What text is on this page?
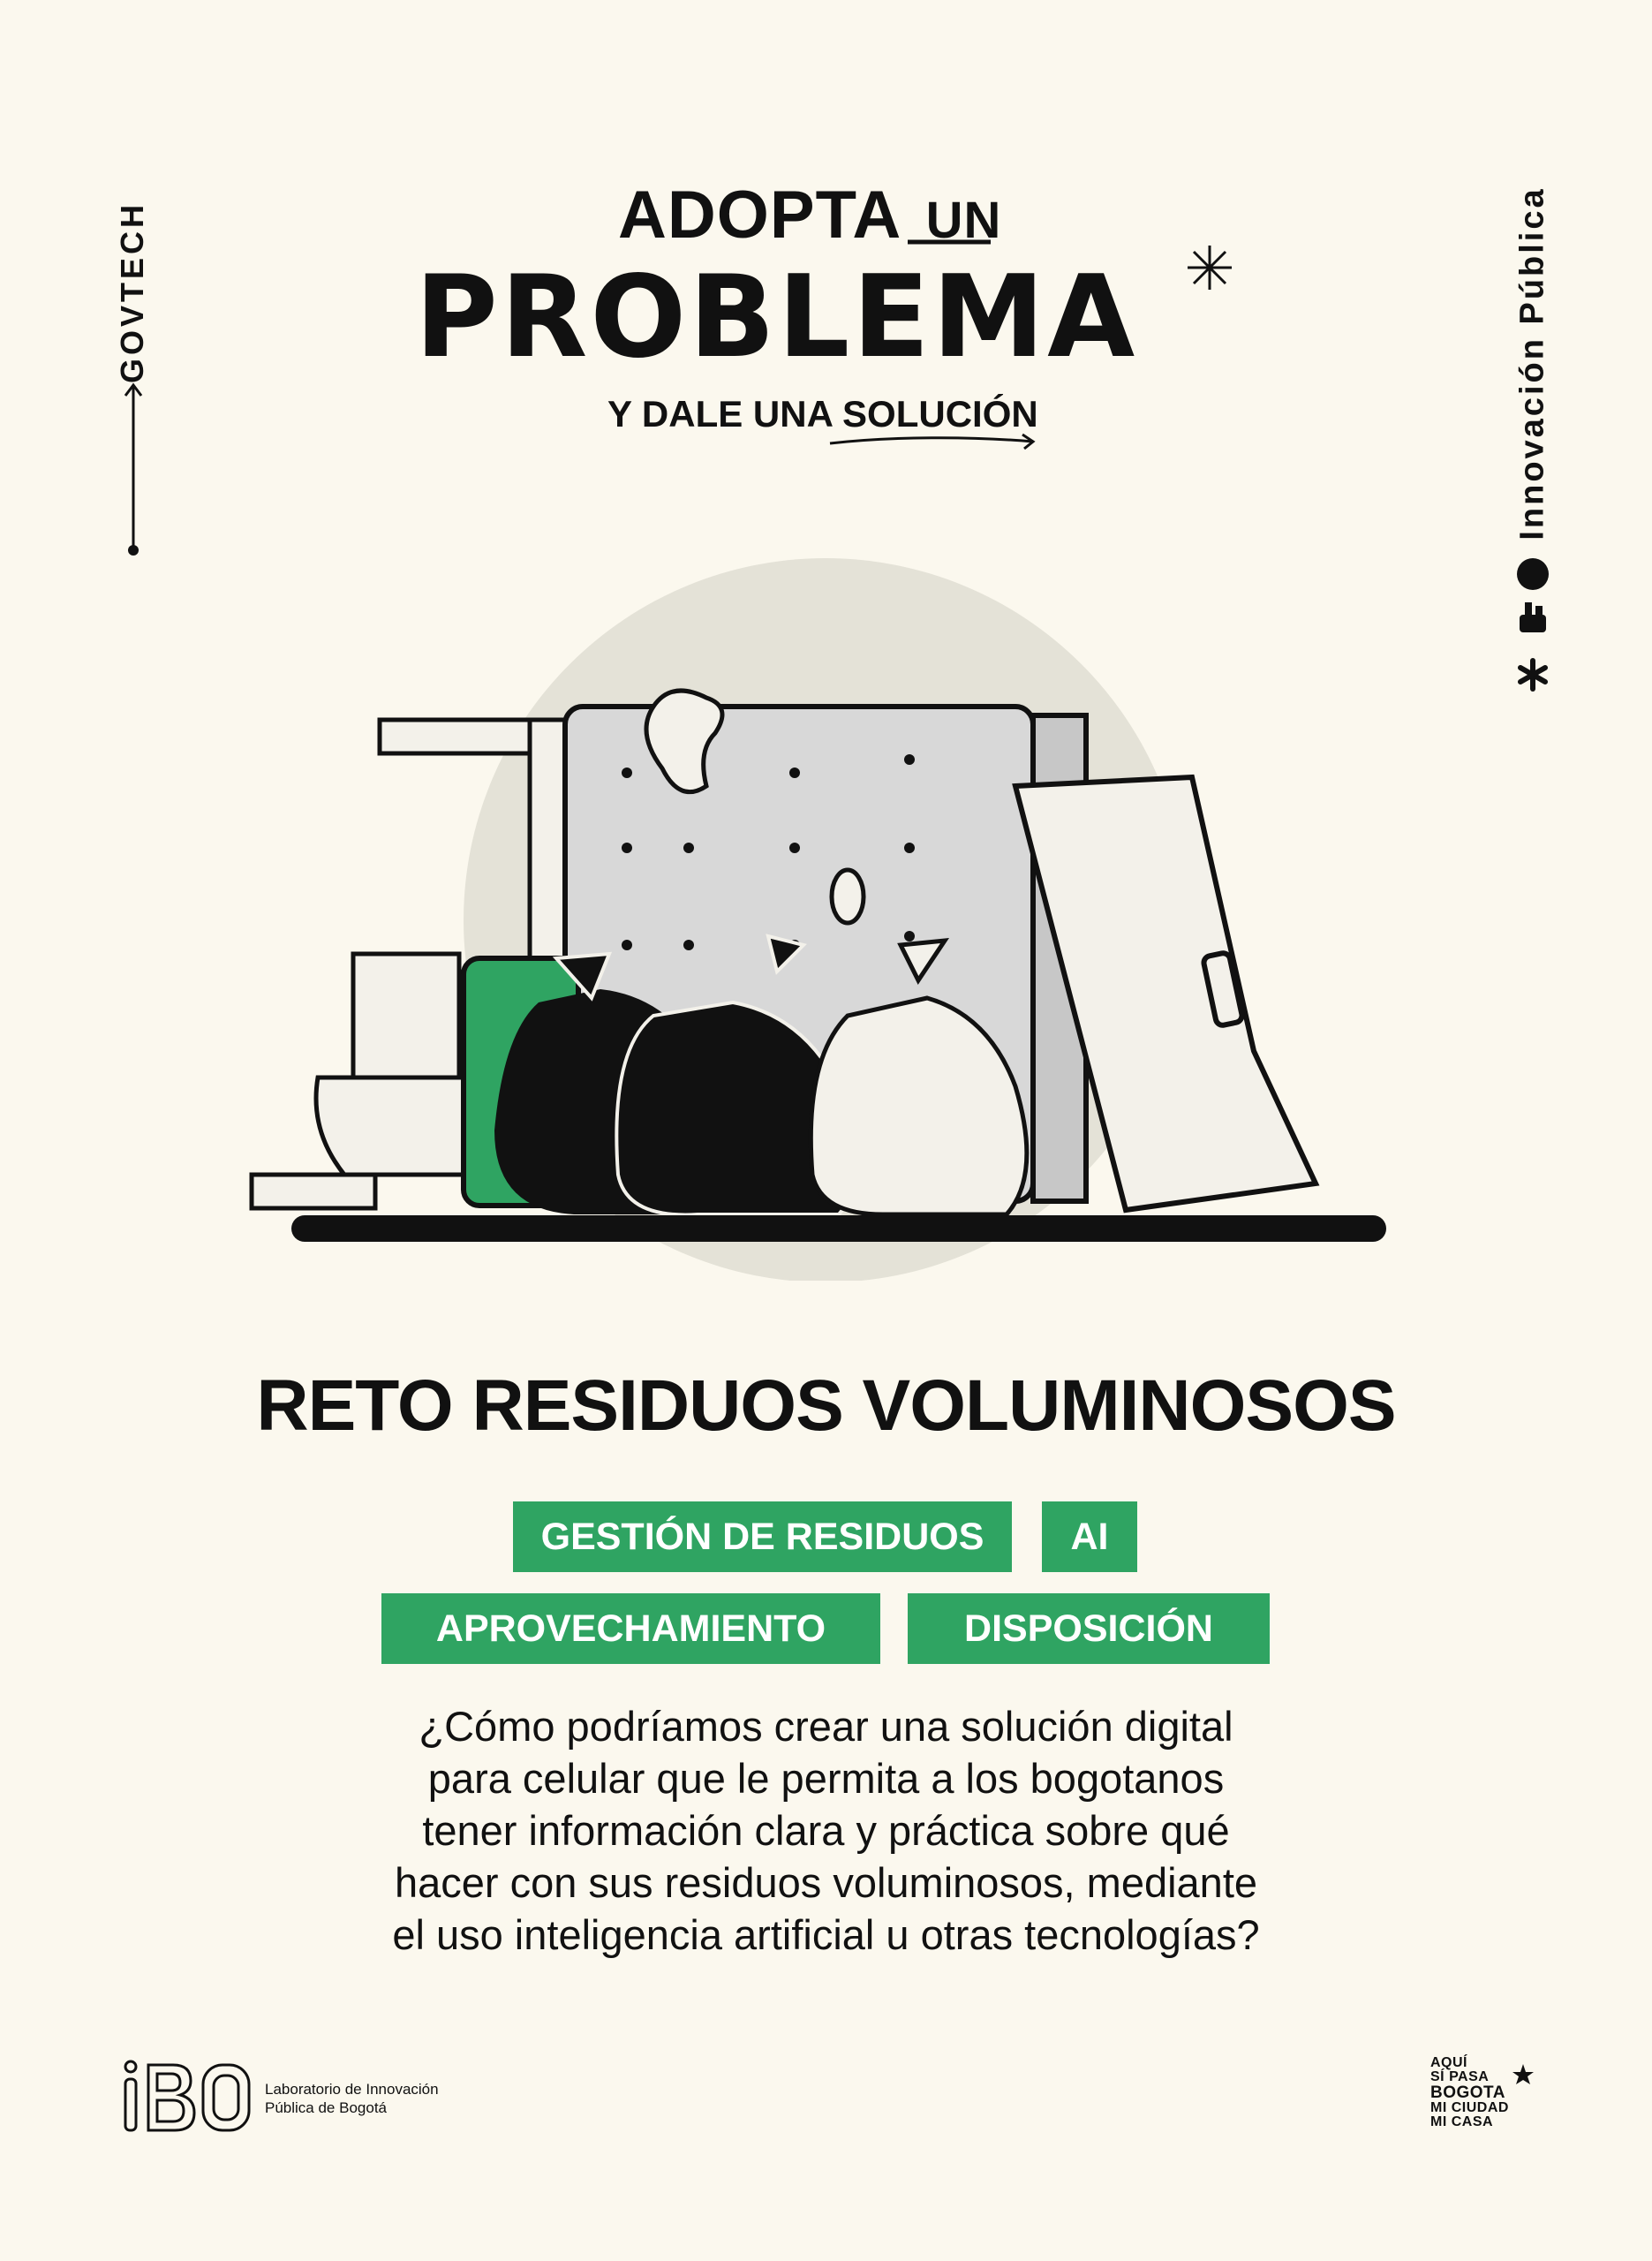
GOVTECH	Innovación Pública
ADOPTA UN
PROBLEMA
Y DALE UNA SOLUCIÓN
RETO RESIDUOS VOLUMINOSOS
GESTIÓN DE RESIDUOS	AI
APROVECHAMIENTO	DISPOSICIÓN
¿Cómo podríamos crear una solución digital
para celular que le permita a los bogotanos
tener información clara y práctica sobre qué
hacer con sus residuos voluminosos, mediante
el uso inteligencia artificial u otras tecnologías?
Laboratorio de Innovación
Pública de Bogotá
AQUÍ
SÍ PASA
BOGOTA
MI CIUDAD
MI CASA
